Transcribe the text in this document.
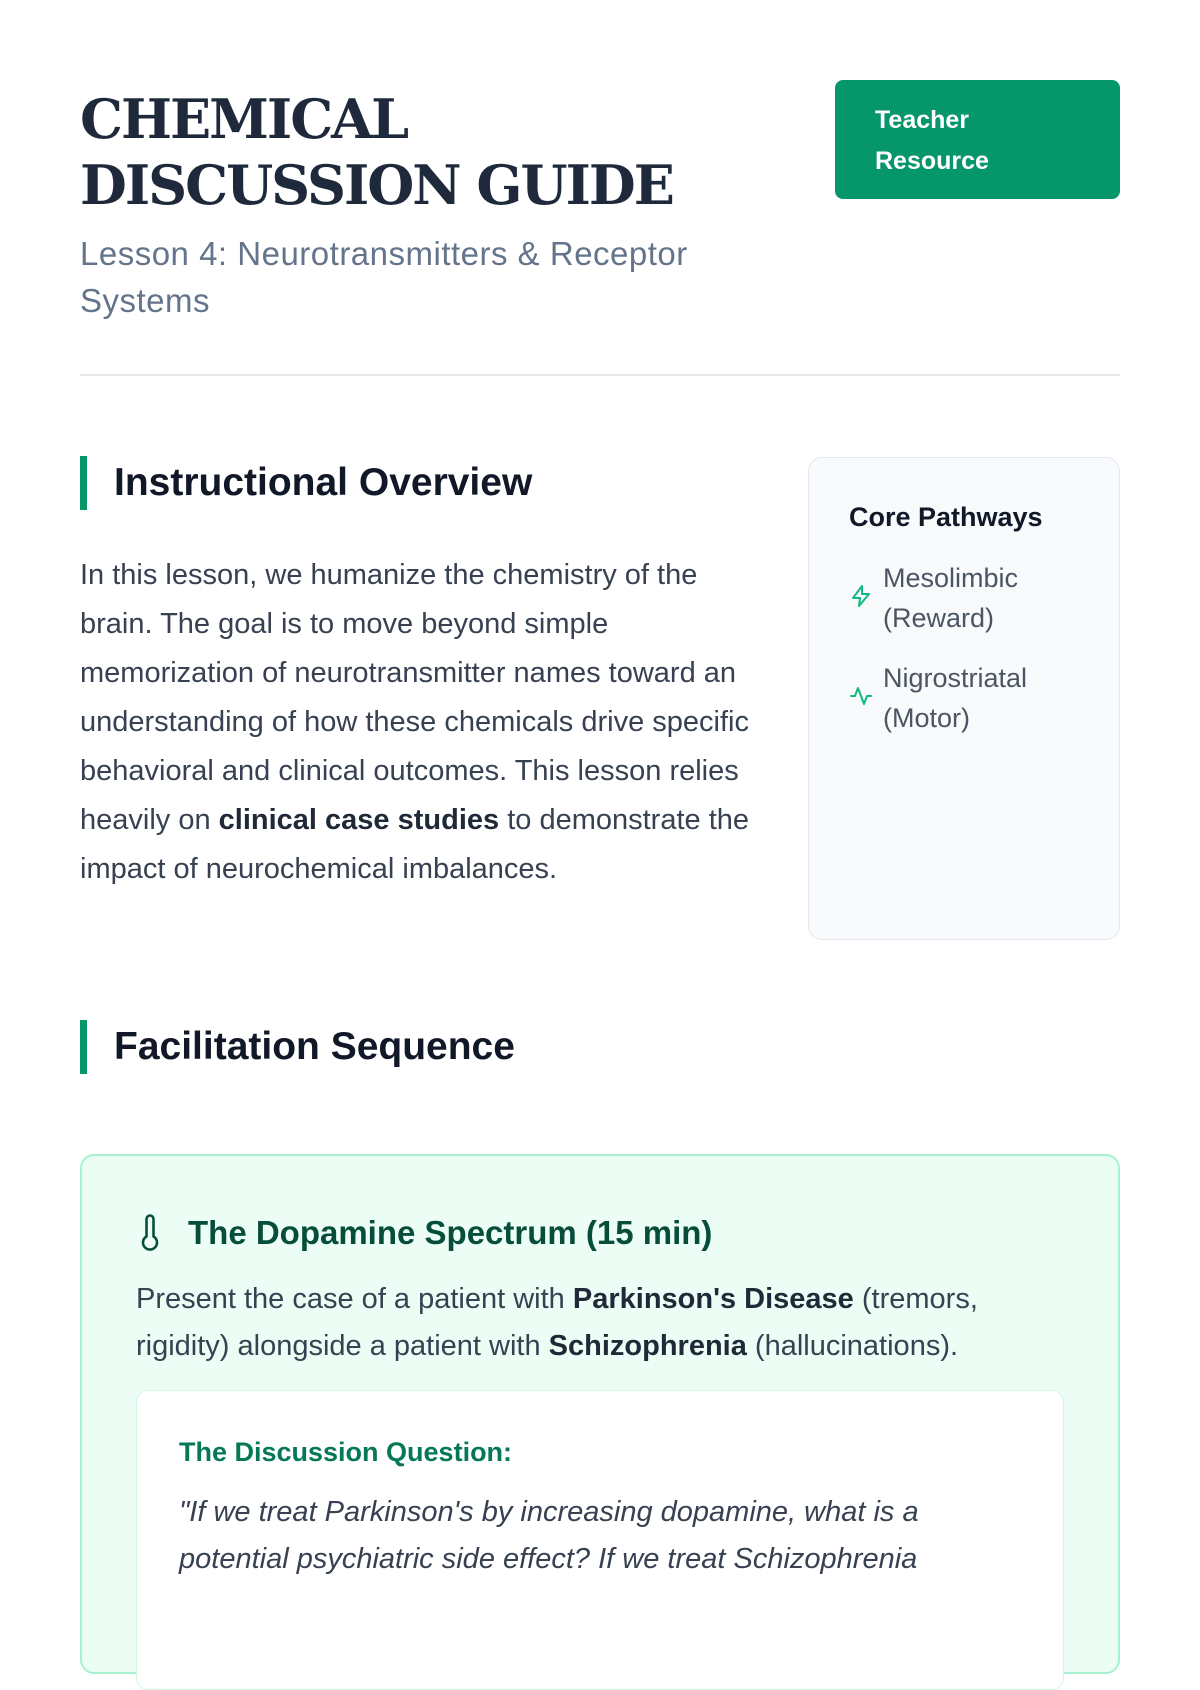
CHEMICAL DISCUSSION GUIDE

Lesson 4: Neurotransmitters & Receptor Systems

Teacher Resource
Instructional Overview

In this lesson, we humanize the chemistry of the brain. The goal is to move beyond simple memorization of neurotransmitter names toward an understanding of how these chemicals drive specific behavioral and clinical outcomes. This lesson relies heavily on clinical case studies to demonstrate the impact of neurochemical imbalances.

Core Pathways
Mesolimbic (Reward)
Nigrostriatal (Motor)
Facilitation Sequence
The Dopamine Spectrum (15 min)

Present the case of a patient with Parkinson's Disease (tremors, rigidity) alongside a patient with Schizophrenia (hallucinations).

The Discussion Question:

"If we treat Parkinson's by increasing dopamine, what is a potential psychiatric side effect? If we treat Schizophrenia
